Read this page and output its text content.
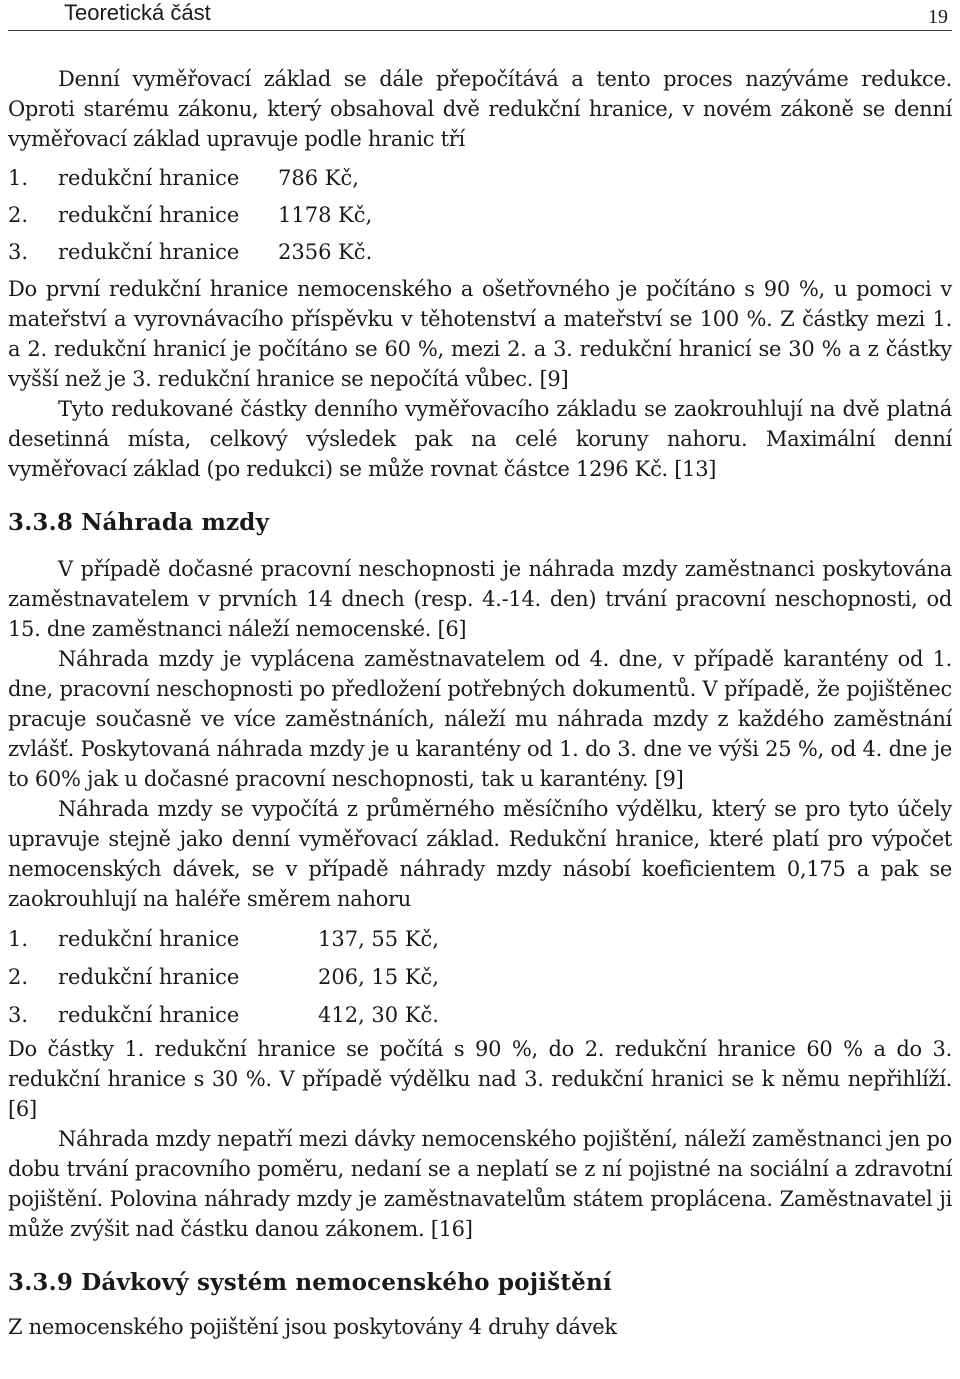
Teoretická část	19

Denní vyměřovací základ se dále přepočítává a tento proces nazýváme redukce. Oproti starému zákonu, který obsahoval dvě redukční hranice, v novém zákoně se denní vyměřovací základ upravuje podle hranic tří

1. redukční hranice 786 Kč,
2. redukční hranice 1178 Kč,
3. redukční hranice 2356 Kč.

Do první redukční hranice nemocenského a ošetřovného je počítáno s 90 %, u pomoci v mateřství a vyrovnávacího příspěvku v těhotenství a mateřství se 100 %. Z částky mezi 1. a 2. redukční hranicí je počítáno se 60 %, mezi 2. a 3. redukční hranicí se 30 % a z částky vyšší než je 3. redukční hranice se nepočítá vůbec. [9]

Tyto redukované částky denního vyměřovacího základu se zaokrouhlují na dvě platná desetinná místa, celkový výsledek pak na celé koruny nahoru. Maximální denní vyměřovací základ (po redukci) se může rovnat částce 1296 Kč. [13]

3.3.8 Náhrada mzdy

V případě dočasné pracovní neschopnosti je náhrada mzdy zaměstnanci poskytována zaměstnavatelem v prvních 14 dnech (resp. 4.-14. den) trvání pracovní neschopnosti, od 15. dne zaměstnanci náleží nemocenské. [6]

Náhrada mzdy je vyplácena zaměstnavatelem od 4. dne, v případě karantény od 1. dne, pracovní neschopnosti po předložení potřebných dokumentů. V případě, že pojištěnec pracuje současně ve více zaměstnáních, náleží mu náhrada mzdy z každého zaměstnání zvlášť. Poskytovaná náhrada mzdy je u karantény od 1. do 3. dne ve výši 25 %, od 4. dne je to 60% jak u dočasné pracovní neschopnosti, tak u karantény. [9]

Náhrada mzdy se vypočítá z průměrného měsíčního výdělku, který se pro tyto účely upravuje stejně jako denní vyměřovací základ. Redukční hranice, které platí pro výpočet nemocenských dávek, se v případě náhrady mzdy násobí koeficientem 0,175 a pak se zaokrouhlují na haléře směrem nahoru

1. redukční hranice	137, 55 Kč,
2. redukční hranice	206, 15 Kč,
3. redukční hranice	412, 30 Kč.

Do částky 1. redukční hranice se počítá s 90 %, do 2. redukční hranice 60 % a do 3. redukční hranice s 30 %. V případě výdělku nad 3. redukční hranici se k němu nepřihlíží. [6]

Náhrada mzdy nepatří mezi dávky nemocenského pojištění, náleží zaměstnanci jen po dobu trvání pracovního poměru, nedaní se a neplatí se z ní pojistné na sociální a zdravotní pojištění. Polovina náhrady mzdy je zaměstnavatelům státem proplácena. Zaměstnavatel ji může zvýšit nad částku danou zákonem. [16]

3.3.9 Dávkový systém nemocenského pojištění

Z nemocenského pojištění jsou poskytovány 4 druhy dávek
